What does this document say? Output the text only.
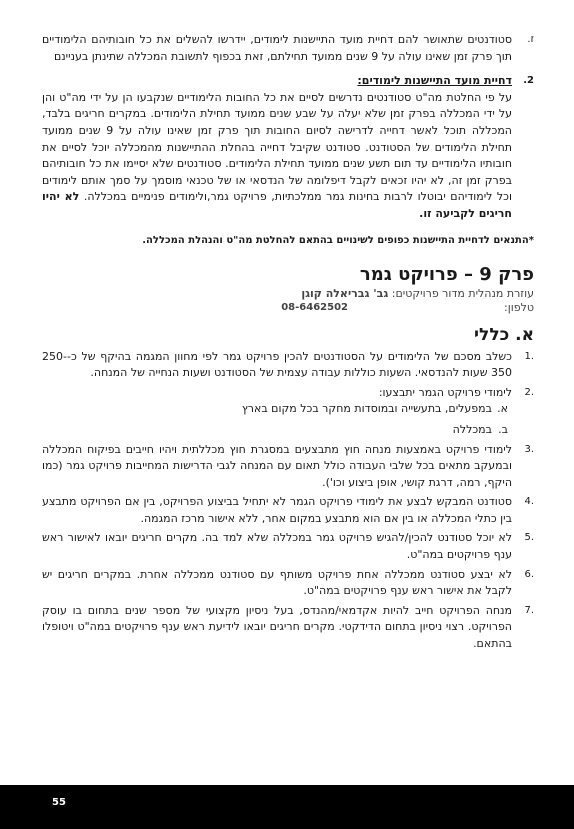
ז.
סטודנטים שתאושר להם דחיית מועד התיישנות לימודים, יידרשו להשלים את כל חובותיהם הלימודיים תוך פרק זמן שאינו עולה על 9 שנים ממועד תחילתם, זאת בכפוף לתשובת המכללה שתינתן בעניינם
2.
דחיית מועד התיישנות לימודים:
על פי החלטת מה"ט סטודנטים נדרשים לסיים את כל החובות הלימודיים שנקבעו הן על ידי מה"ט והן על ידי המכללה בפרק זמן שלא יעלה על שבע שנים ממועד תחילת הלימודים. במקרים חריגים בלבד, המכללה תוכל לאשר דחייה לדרישה לסיום החובות תוך פרק זמן שאינו עולה על 9 שנים ממועד תחילת הלימודים של הסטודנט. סטודנט שקיבל דחייה בהחלת ההתיישנות מהמכללה יוכל לסיים את חובותיו הלימודיים עד תום תשע שנים ממועד תחילת הלימודים. סטודנטים שלא יסיימו את כל חובותיהם בפרק זמן זה, לא יהיו זכאים לקבל דיפלומה של הנדסאי או של טכנאי מוסמך על סמך אותם לימודים וכל לימודיהם יבוטלו לרבות בחינות גמר ממלכתיות, פרויקט גמר,ולימודים פנימיים במכללה. לא יהיו חריגים לקביעה זו.
*התנאים לדחיית התיישנות כפופים לשינויים בהתאם להחלטת מה"ט והנהלת המכללה.
פרק 9 – פרויקט גמר
עוזרת מנהלית מדור פרויקטים: גב' גבריאלה קוגן
טלפון:
08-6462502
א. כללי
.1
כשלב מסכם של הלימודים על הסטודנטים להכין פרויקט גמר לפי מחוון המגמה בהיקף של כ-250-350 שעות להנדסאי. השעות כוללות עבודה עצמית של הסטודנט ושעות הנחייה של המנחה.
.2
לימודי פרויקט הגמר יתבצעו:
א.
במפעלים, בתעשייה ובמוסדות מחקר בכל מקום בארץ
ב.
במכללה
.3
לימודי פרויקט באמצעות מנחה חוץ מתבצעים במסגרת חוץ מכללתית ויהיו חייבים בפיקוח המכללה ובמעקב מתאים בכל שלבי העבודה כולל תאום עם המנחה לגבי הדרישות המחייבות פרויקט גמר (כמו היקף, רמה, דרגת קושי, אופן ביצוע וכו').
.4
סטודנט המבקש לבצע את לימודי פרויקט הגמר לא יתחיל בביצוע הפרויקט, בין אם הפרויקט מתבצע בין כתלי המכללה או בין אם הוא מתבצע במקום אחר, ללא אישור מרכז המגמה.
.5
לא יוכל סטודנט להכין/להגיש פרויקט גמר במכללה שלא למד בה. מקרים חריגים יובאו לאישור ראש ענף פרויקטים במה"ט.
.6
לא יבצע סטודנט ממכללה אחת פרויקט משותף עם סטודנט ממכללה אחרת. במקרים חריגים יש לקבל את אישור ראש ענף פרויקטים במה"ט.
.7
מנחה הפרויקט חייב להיות אקדמאי/מהנדס, בעל ניסיון מקצועי של מספר שנים בתחום בו עוסק הפרויקט. רצוי ניסיון בתחום הדידקטי. מקרים חריגים יובאו לידיעת ראש ענף פרויקטים במה"ט ויטופלו בהתאם.
55
